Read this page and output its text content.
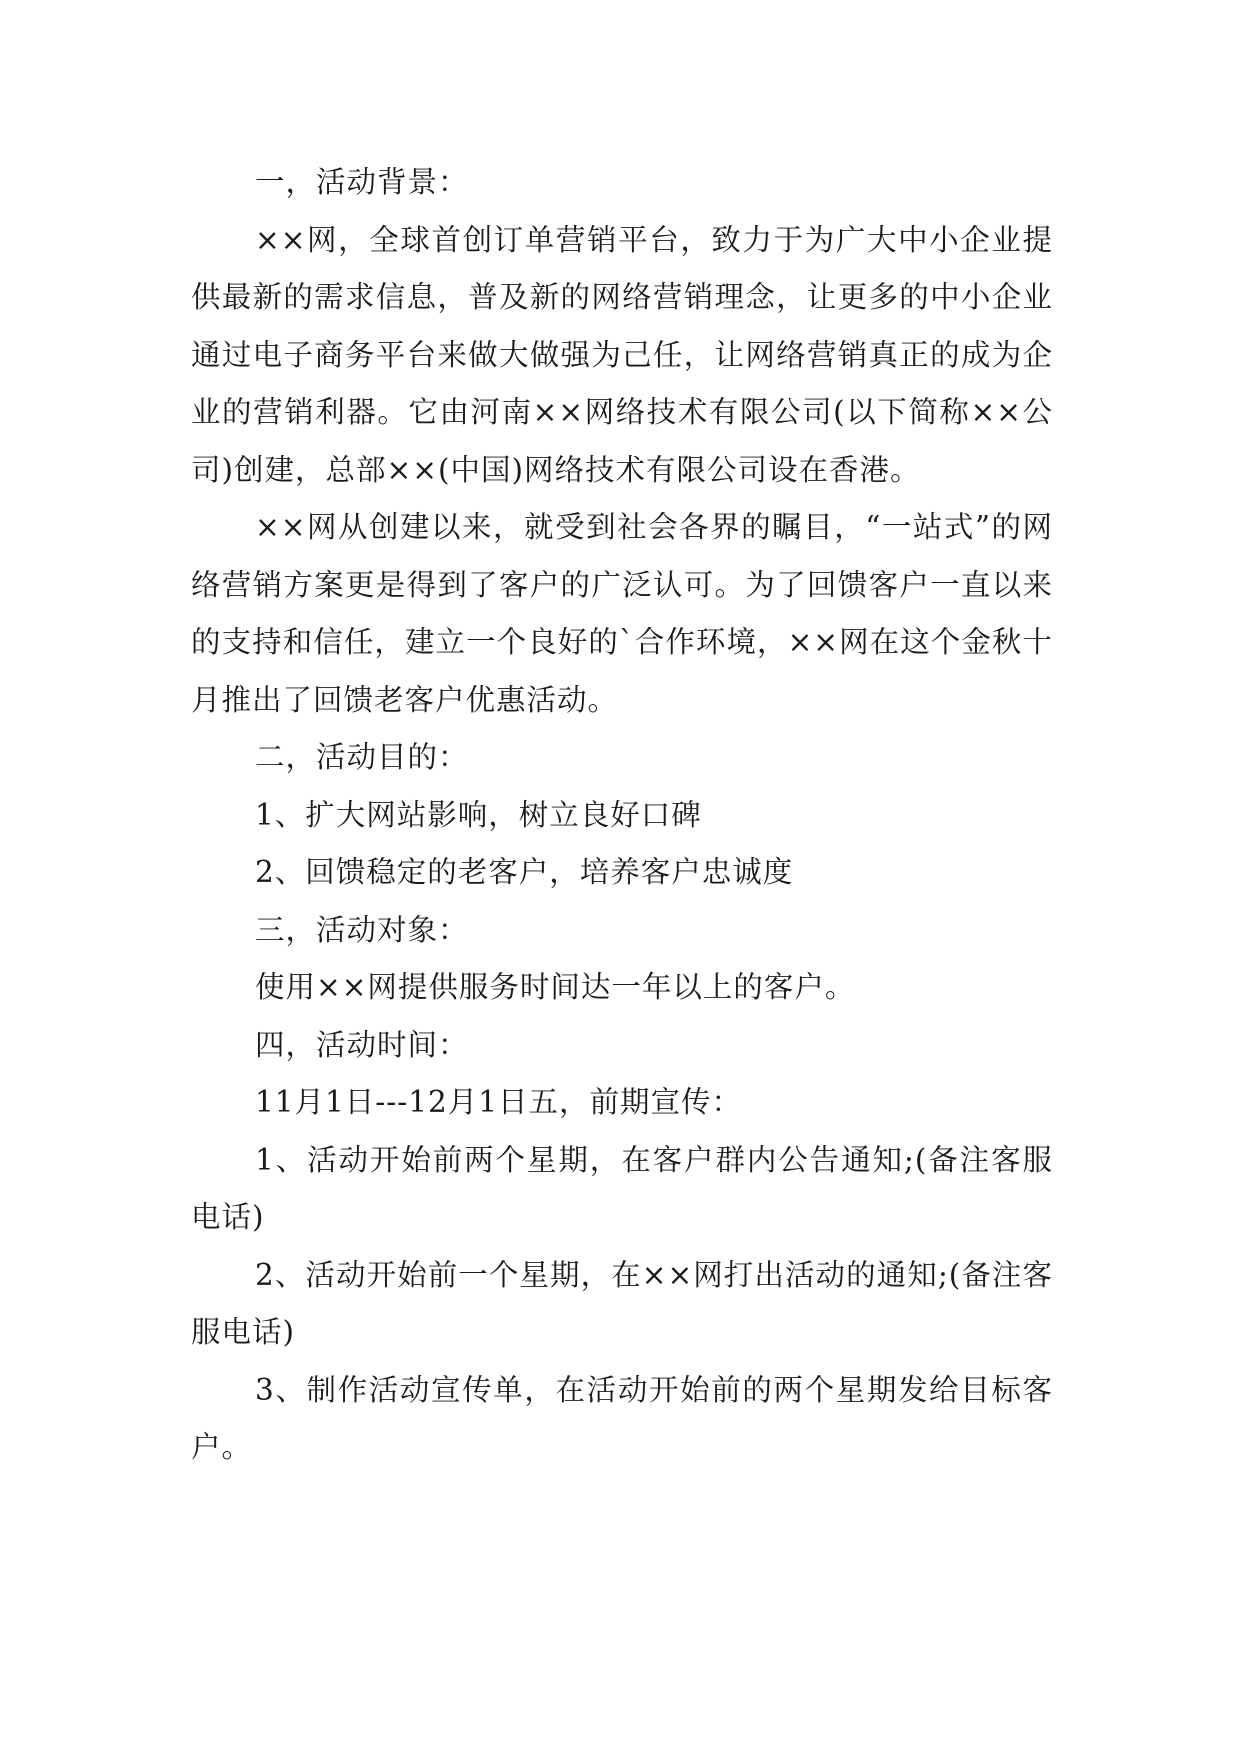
一，活动背景：

××网，全球首创订单营销平台，致力于为广大中小企业提供最新的需求信息，普及新的网络营销理念，让更多的中小企业通过电子商务平台来做大做强为己任，让网络营销真正的成为企业的营销利器。它由河南××网络技术有限公司(以下简称××公司)创建，总部××(中国)网络技术有限公司设在香港。

××网从创建以来，就受到社会各界的瞩目，“一站式”的网络营销方案更是得到了客户的广泛认可。为了回馈客户一直以来的支持和信任，建立一个良好的`合作环境，××网在这个金秋十月推出了回馈老客户优惠活动。

二，活动目的：

1、扩大网站影响，树立良好口碑

2、回馈稳定的老客户，培养客户忠诚度

三，活动对象：

使用××网提供服务时间达一年以上的客户。

四，活动时间：

11月1日---12月1日五，前期宣传：

1、活动开始前两个星期，在客户群内公告通知;(备注客服电话)

2、活动开始前一个星期，在××网打出活动的通知;(备注客服电话)

3、制作活动宣传单，在活动开始前的两个星期发给目标客户。
